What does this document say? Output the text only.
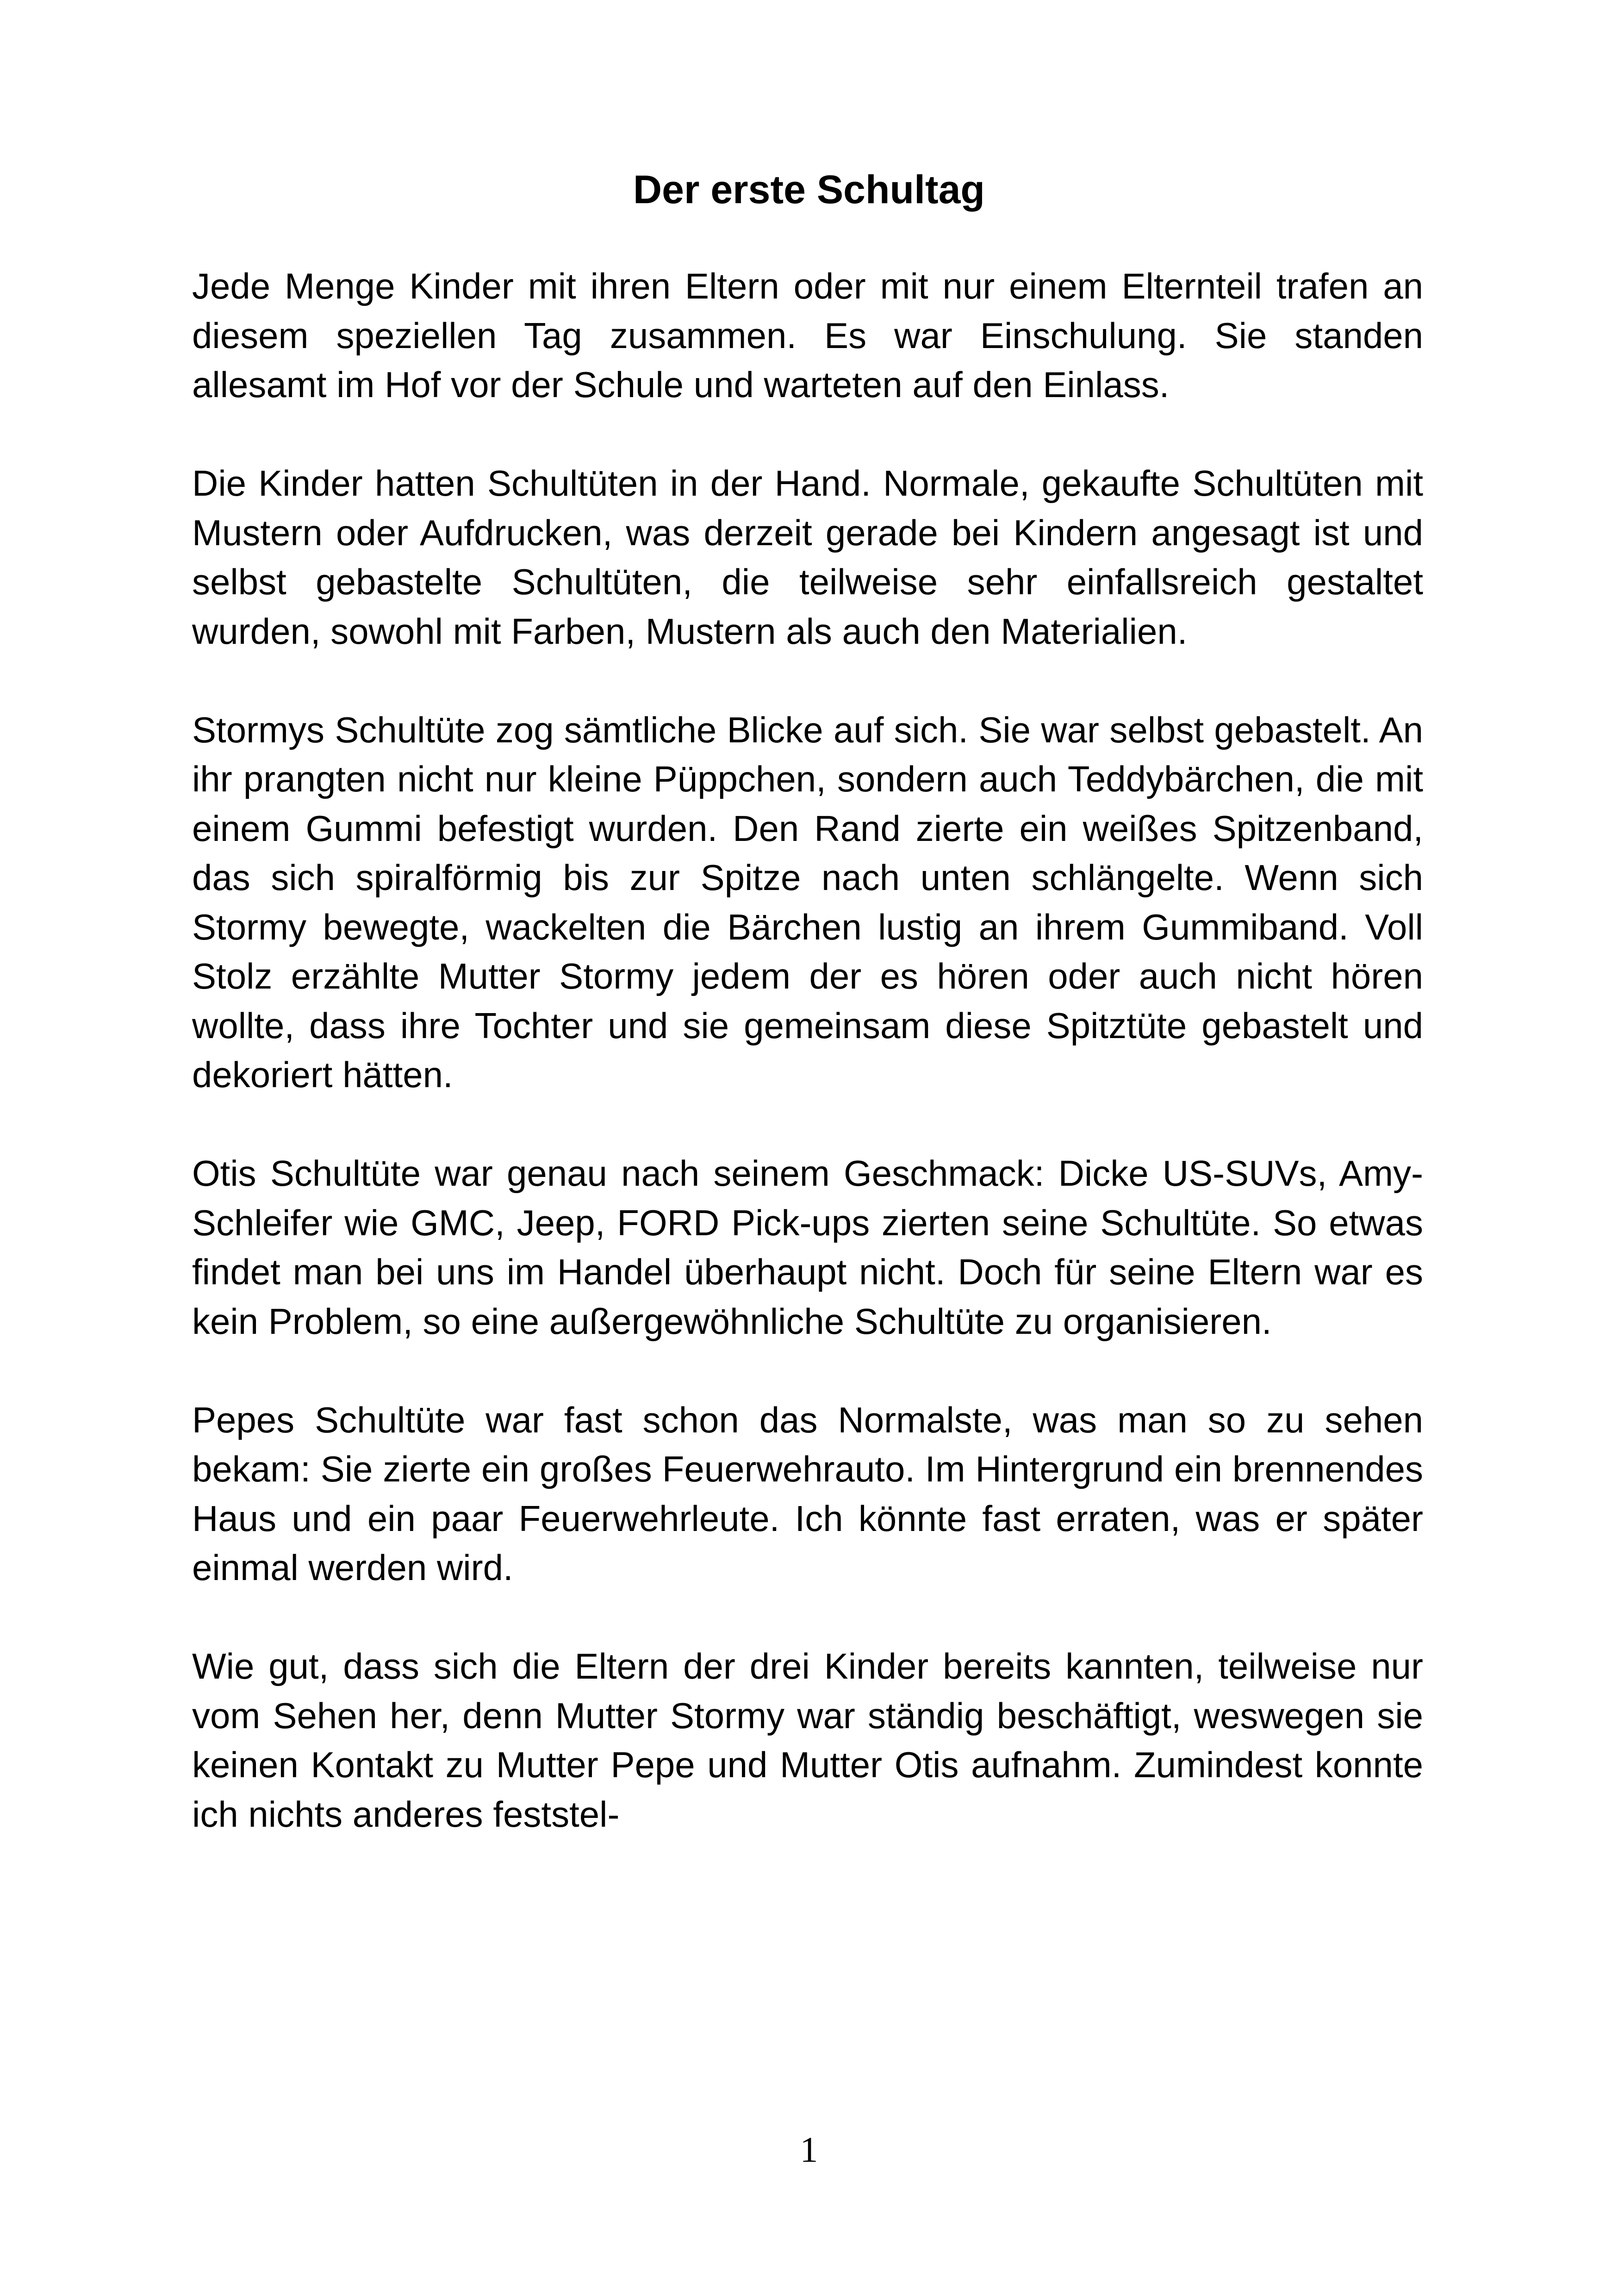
Der erste Schultag

Jede Menge Kinder mit ihren Eltern oder mit nur einem Elternteil trafen an diesem speziellen Tag zusammen. Es war Einschulung. Sie standen allesamt im Hof vor der Schule und warteten auf den Einlass.

Die Kinder hatten Schultüten in der Hand. Normale, gekaufte Schultüten mit Mustern oder Aufdrucken, was derzeit gerade bei Kindern angesagt ist und selbst gebastelte Schultüten, die teilweise sehr einfallsreich gestaltet wurden, sowohl mit Farben, Mustern als auch den Materialien.

Stormys Schultüte zog sämtliche Blicke auf sich. Sie war selbst gebastelt. An ihr prangten nicht nur kleine Püppchen, sondern auch Teddybärchen, die mit einem Gummi befestigt wurden. Den Rand zierte ein weißes Spitzenband, das sich spiralförmig bis zur Spitze nach unten schlängelte. Wenn sich Stormy bewegte, wackelten die Bärchen lustig an ihrem Gummiband. Voll Stolz erzählte Mutter Stormy jedem der es hören oder auch nicht hören wollte, dass ihre Tochter und sie gemeinsam diese Spitztüte gebastelt und dekoriert hätten.

Otis Schultüte war genau nach seinem Geschmack: Dicke US-SUVs, Amy-Schleifer wie GMC, Jeep, FORD Pick-ups zierten seine Schultüte. So etwas findet man bei uns im Handel überhaupt nicht. Doch für seine Eltern war es kein Problem, so eine außergewöhnliche Schultüte zu organisieren.

Pepes Schultüte war fast schon das Normalste, was man so zu sehen bekam: Sie zierte ein großes Feuerwehrauto. Im Hintergrund ein brennendes Haus und ein paar Feuerwehrleute. Ich könnte fast erraten, was er später einmal werden wird.

Wie gut, dass sich die Eltern der drei Kinder bereits kannten, teilweise nur vom Sehen her, denn Mutter Stormy war ständig beschäftigt, weswegen sie keinen Kontakt zu Mutter Pepe und Mutter Otis aufnahm. Zumindest konnte ich nichts anderes feststel-

1
